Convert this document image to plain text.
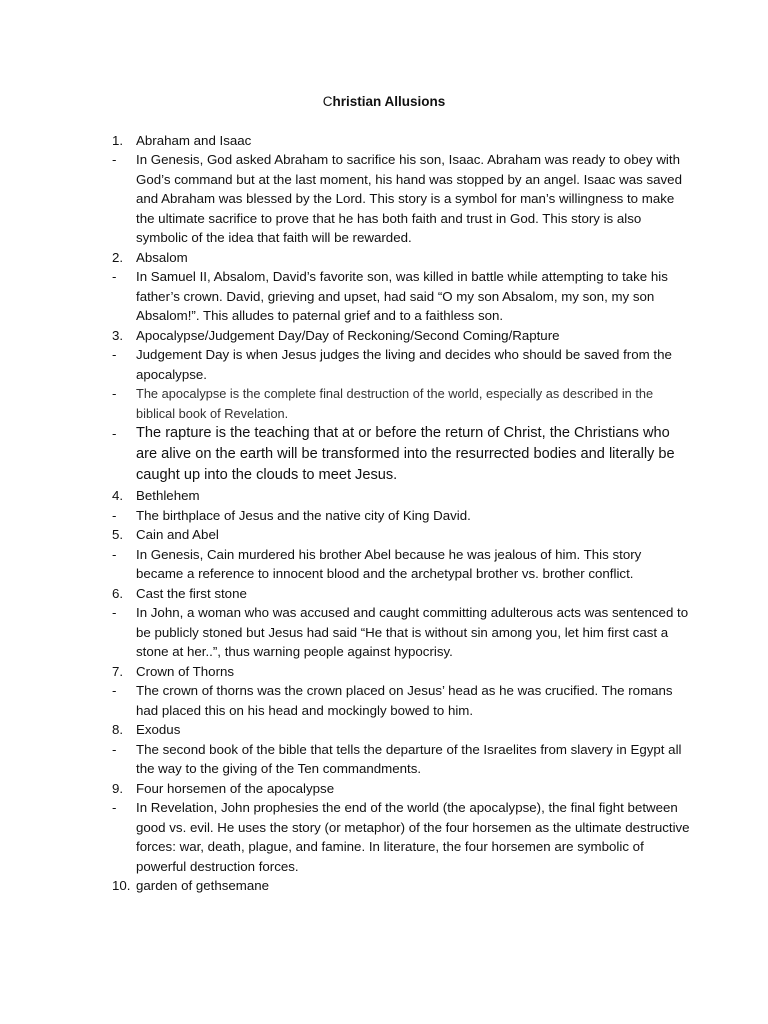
Christian Allusions
1. Abraham and Isaac
-	In Genesis, God asked Abraham to sacrifice his son, Isaac. Abraham was ready to obey with God’s command but at the last moment, his hand was stopped by an angel. Isaac was saved and Abraham was blessed by the Lord. This story is a symbol for man’s willingness to make the ultimate sacrifice to prove that he has both faith and trust in God. This story is also symbolic of the idea that faith will be rewarded.
2. Absalom
-	In Samuel II, Absalom, David’s favorite son, was killed in battle while attempting to take his father’s crown. David, grieving and upset, had said “O my son Absalom, my son, my son Absalom!”. This alludes to paternal grief and to a faithless son.
3. Apocalypse/Judgement Day/Day of Reckoning/Second Coming/Rapture
-	Judgement Day is when Jesus judges the living and decides who should be saved from the apocalypse.
-	The apocalypse is the complete final destruction of the world, especially as described in the biblical book of Revelation.
-	The rapture is the teaching that at or before the return of Christ, the Christians who are alive on the earth will be transformed into the resurrected bodies and literally be caught up into the clouds to meet Jesus.
4. Bethlehem
-	The birthplace of Jesus and the native city of King David.
5. Cain and Abel
-	In Genesis, Cain murdered his brother Abel because he was jealous of him. This story became a reference to innocent blood and the archetypal brother vs. brother conflict.
6. Cast the first stone
-	In John, a woman who was accused and caught committing adulterous acts was sentenced to be publicly stoned but Jesus had said “He that is without sin among you, let him first cast a stone at her..”, thus warning people against hypocrisy.
7. Crown of Thorns
-	The crown of thorns was the crown placed on Jesus’ head as he was crucified. The romans had placed this on his head and mockingly bowed to him.
8. Exodus
-	The second book of the bible that tells the departure of the Israelites from slavery in Egypt all the way to the giving of the Ten commandments.
9. Four horsemen of the apocalypse
-	In Revelation, John prophesies the end of the world (the apocalypse), the final fight between good vs. evil. He uses the story (or metaphor) of the four horsemen as the ultimate destructive forces: war, death, plague, and famine. In literature, the four horsemen are symbolic of powerful destruction forces.
10. garden of gethsemane
